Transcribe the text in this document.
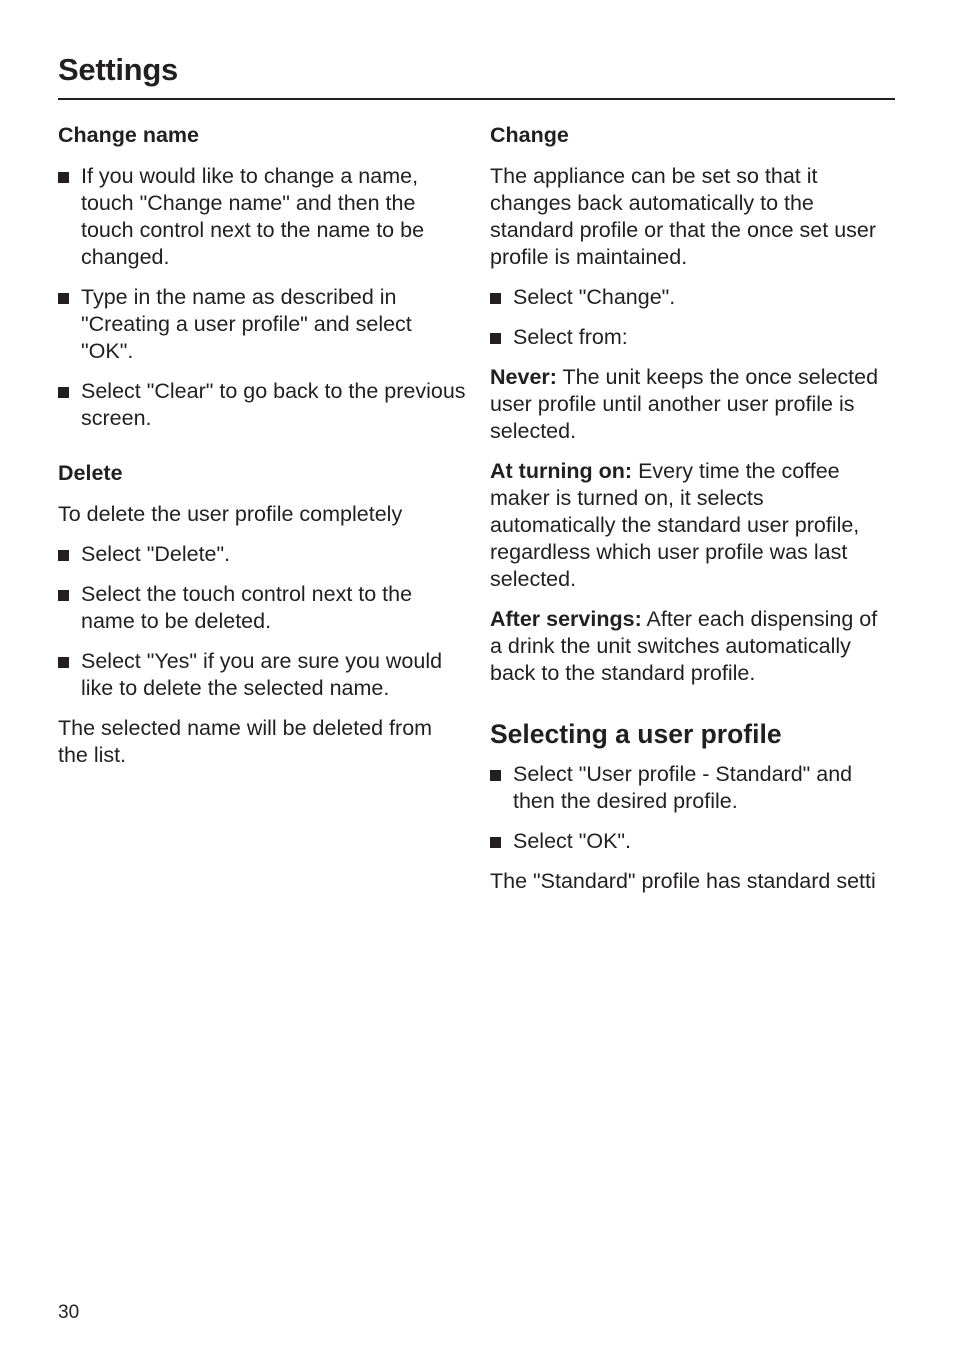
Settings
Change name
If you would like to change a name, touch "Change name" and then the touch control next to the name to be changed.
Type in the name as described in "Creating a user profile" and select "OK".
Select "Clear" to go back to the previous screen.
Delete
To delete the user profile completely
Select "Delete".
Select the touch control next to the name to be deleted.
Select "Yes" if you are sure you would like to delete the selected name.
The selected name will be deleted from the list.
Change
The appliance can be set so that it changes back automatically to the standard profile or that the once set user profile is maintained.
Select "Change".
Select from:
Never: The unit keeps the once selected user profile until another user profile is selected.
At turning on: Every time the coffee maker is turned on, it selects automatically the standard user profile, regardless which user profile was last selected.
After servings: After each dispensing of a drink the unit switches automatically back to the standard profile.
Selecting a user profile
Select "User profile - Standard" and then the desired profile.
Select "OK".
The "Standard" profile has standard setti
30
